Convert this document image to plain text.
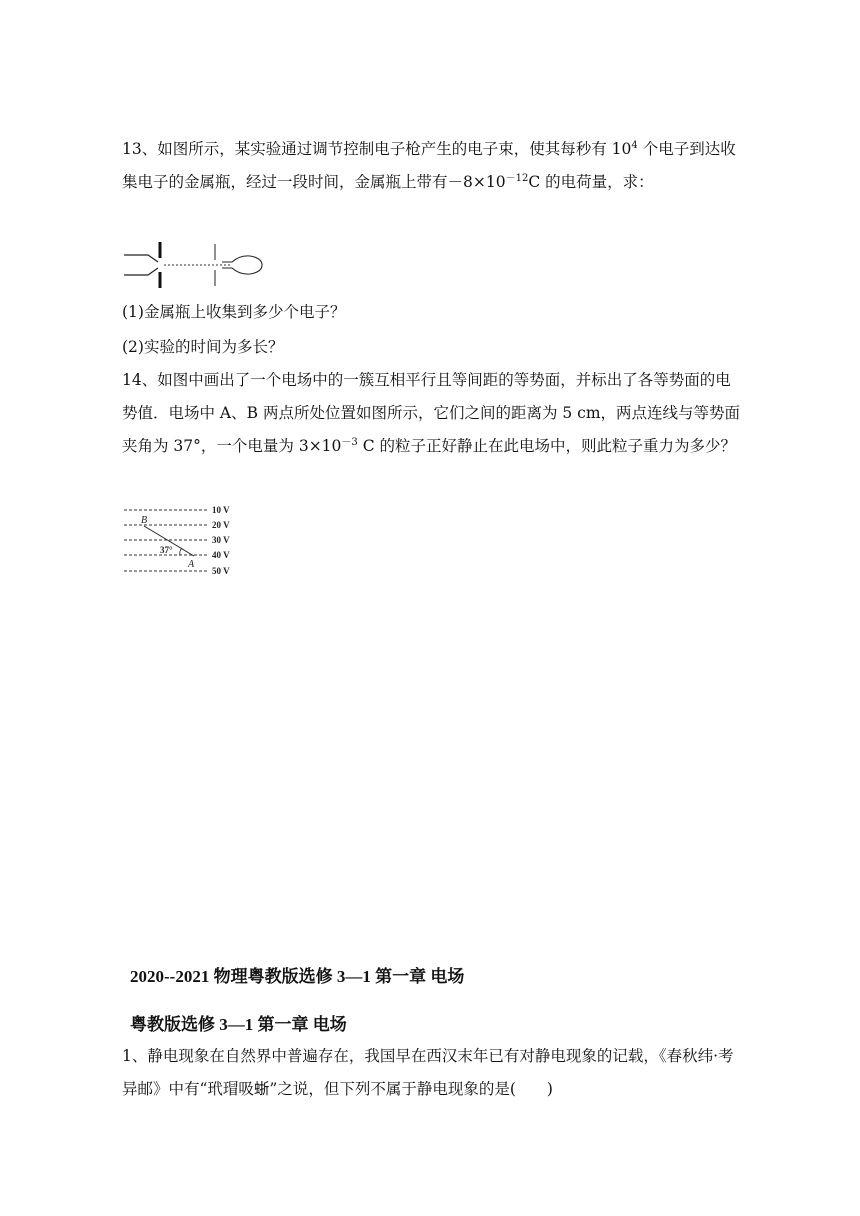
13、如图所示，某实验通过调节控制电子枪产生的电子束，使其每秒有 $10^4$ 个电子到达收集电子的金属瓶，经过一段时间，金属瓶上带有$-8\times 10^{-12}C$ 的电荷量，求：

(1)金属瓶上收集到多少个电子？

(2)实验的时间为多长？

14、如图中画出了一个电场中的一簇互相平行且等间距的等势面，并标出了各等势面的电势值．电场中 A、B 两点所处位置如图所示，它们之间的距离为 5 cm，两点连线与等势面夹角为 37°，一个电量为 $3\times 10^{-3}$ C 的粒子正好静止在此电场中，则此粒子重力为多少？

10 V
20 V
30 V
40 V
50 V
B
A
37°
2020--2021 物理粤教版选修 3—1 第一章 电场
粤教版选修 3—1 第一章 电场

1、静电现象在自然界中普遍存在，我国早在西汉末年已有对静电现象的记载，《春秋纬·考异邮》中有“玳瑁吸𧋍”之说，但下列不属于静电现象的是(　　)
